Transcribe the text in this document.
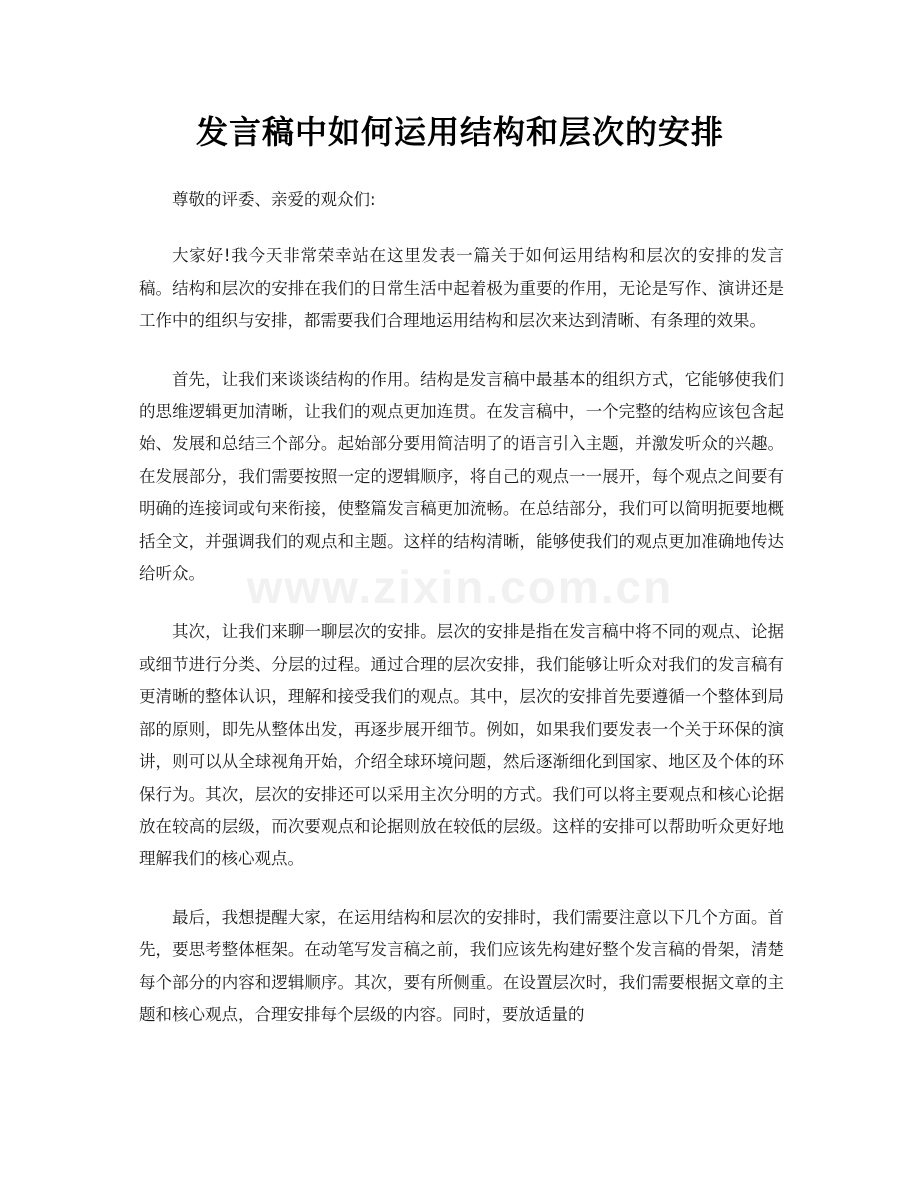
发言稿中如何运用结构和层次的安排

尊敬的评委、亲爱的观众们:

大家好!我今天非常荣幸站在这里发表一篇关于如何运用结构和层次的安排的发言稿。结构和层次的安排在我们的日常生活中起着极为重要的作用，无论是写作、演讲还是工作中的组织与安排，都需要我们合理地运用结构和层次来达到清晰、有条理的效果。

首先，让我们来谈谈结构的作用。结构是发言稿中最基本的组织方式，它能够使我们的思维逻辑更加清晰，让我们的观点更加连贯。在发言稿中，一个完整的结构应该包含起始、发展和总结三个部分。起始部分要用简洁明了的语言引入主题，并激发听众的兴趣。在发展部分，我们需要按照一定的逻辑顺序，将自己的观点一一展开，每个观点之间要有明确的连接词或句来衔接，使整篇发言稿更加流畅。在总结部分，我们可以简明扼要地概括全文，并强调我们的观点和主题。这样的结构清晰，能够使我们的观点更加准确地传达给听众。

其次，让我们来聊一聊层次的安排。层次的安排是指在发言稿中将不同的观点、论据或细节进行分类、分层的过程。通过合理的层次安排，我们能够让听众对我们的发言稿有更清晰的整体认识，理解和接受我们的观点。其中，层次的安排首先要遵循一个整体到局部的原则，即先从整体出发，再逐步展开细节。例如，如果我们要发表一个关于环保的演讲，则可以从全球视角开始，介绍全球环境问题，然后逐渐细化到国家、地区及个体的环保行为。其次，层次的安排还可以采用主次分明的方式。我们可以将主要观点和核心论据放在较高的层级，而次要观点和论据则放在较低的层级。这样的安排可以帮助听众更好地理解我们的核心观点。

最后，我想提醒大家，在运用结构和层次的安排时，我们需要注意以下几个方面。首先，要思考整体框架。在动笔写发言稿之前，我们应该先构建好整个发言稿的骨架，清楚每个部分的内容和逻辑顺序。其次，要有所侧重。在设置层次时，我们需要根据文章的主题和核心观点，合理安排每个层级的内容。同时，要放适量的

www.zixin.com.cn
